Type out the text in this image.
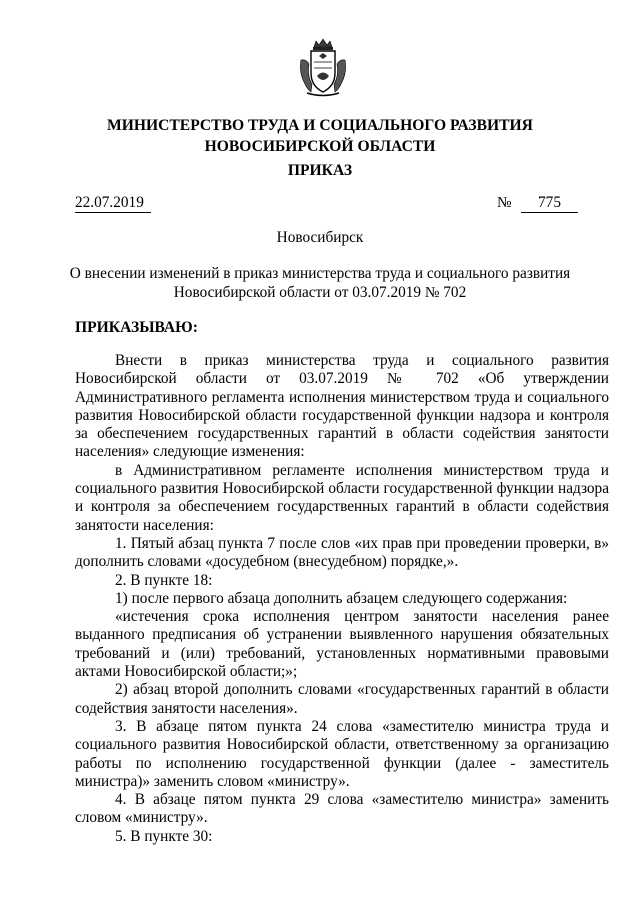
МИНИСТЕРСТВО ТРУДА И СОЦИАЛЬНОГО РАЗВИТИЯ
НОВОСИБИРСКОЙ ОБЛАСТИ
ПРИКАЗ
22.07.2019	№	775
Новосибирск
О внесении изменений в приказ министерства труда и социального развития
Новосибирской области от 03.07.2019 № 702
ПРИКАЗЫВАЮ:

Внести в приказ министерства труда и социального развития Новосибирской области от 03.07.2019 № 702 «Об утверждении Административного регламента исполнения министерством труда и социального развития Новосибирской области государственной функции надзора и контроля за обеспечением государственных гарантий в области содействия занятости населения» следующие изменения:

в Административном регламенте исполнения министерством труда и социального развития Новосибирской области государственной функции надзора и контроля за обеспечением государственных гарантий в области содействия занятости населения:

1. Пятый абзац пункта 7 после слов «их прав при проведении проверки, в» дополнить словами «досудебном (внесудебном) порядке,».

2. В пункте 18:

1) после первого абзаца дополнить абзацем следующего содержания:

«истечения срока исполнения центром занятости населения ранее выданного предписания об устранении выявленного нарушения обязательных требований и (или) требований, установленных нормативными правовыми актами Новосибирской области;»;

2) абзац второй дополнить словами «государственных гарантий в области содействия занятости населения».

3. В абзаце пятом пункта 24 слова «заместителю министра труда и социального развития Новосибирской области, ответственному за организацию работы по исполнению государственной функции (далее - заместитель министра)» заменить словом «министру».

4. В абзаце пятом пункта 29 слова «заместителю министра» заменить словом «министру».

5. В пункте 30:
